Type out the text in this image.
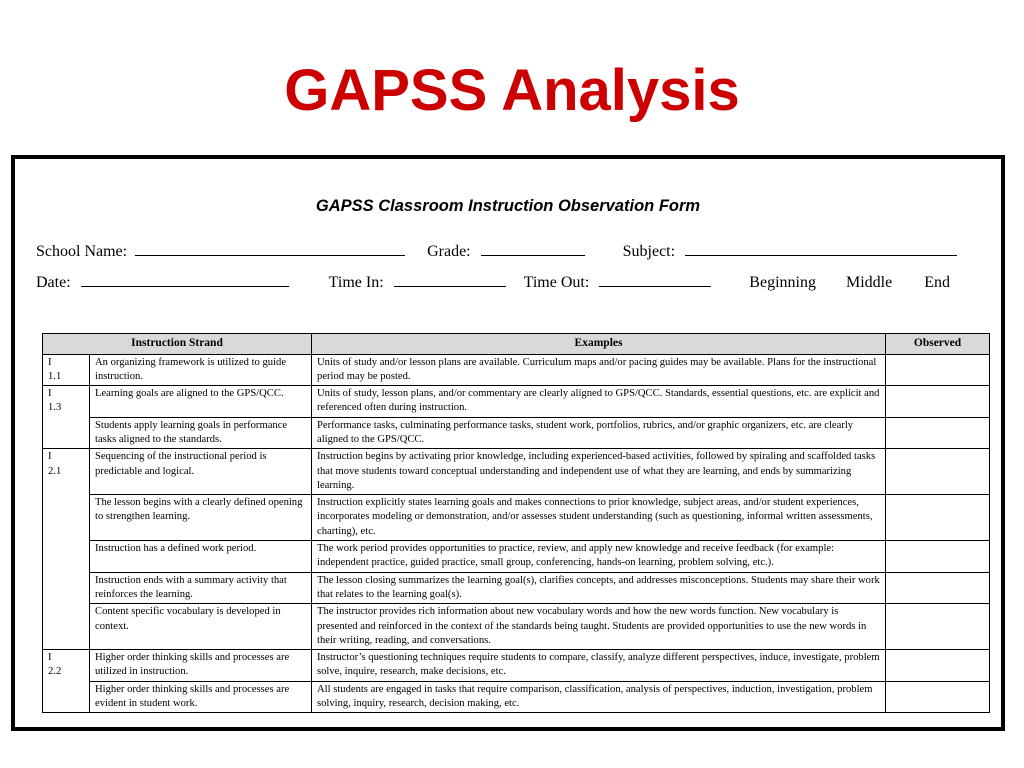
GAPSS Analysis
GAPSS Classroom Instruction Observation Form
School Name:	Grade:	Subject:
Date:	Time In:	Time Out:	Beginning Middle End
Instruction Strand		Examples	Observed
I
1.1	An organizing framework is utilized to guide instruction.	Units of study and/or lesson plans are available. Curriculum maps and/or pacing guides may be available. Plans for the instructional period may be posted.	
I
1.3	Learning goals are aligned to the GPS/QCC.	Units of study, lesson plans, and/or commentary are clearly aligned to GPS/QCC. Standards, essential questions, etc. are explicit and referenced often during instruction.	
	Students apply learning goals in performance tasks aligned to the standards.	Performance tasks, culminating performance tasks, student work, portfolios, rubrics, and/or graphic organizers, etc. are clearly aligned to the GPS/QCC.	
I
2.1	Sequencing of the instructional period is predictable and logical.	Instruction begins by activating prior knowledge, including experienced-based activities, followed by spiraling and scaffolded tasks that move students toward conceptual understanding and independent use of what they are learning, and ends by summarizing learning.	
	The lesson begins with a clearly defined opening to strengthen learning.	Instruction explicitly states learning goals and makes connections to prior knowledge, subject areas, and/or student experiences, incorporates modeling or demonstration, and/or assesses student understanding (such as questioning, informal written assessments, charting), etc.	
	Instruction has a defined work period.	The work period provides opportunities to practice, review, and apply new knowledge and receive feedback (for example: independent practice, guided practice, small group, conferencing, hands-on learning, problem solving, etc.).	
	Instruction ends with a summary activity that reinforces the learning.	The lesson closing summarizes the learning goal(s), clarifies concepts, and addresses misconceptions. Students may share their work that relates to the learning goal(s).	
	Content specific vocabulary is developed in context.	The instructor provides rich information about new vocabulary words and how the new words function. New vocabulary is presented and reinforced in the context of the standards being taught. Students are provided opportunities to use the new words in their writing, reading, and conversations.	
I
2.2	Higher order thinking skills and processes are utilized in instruction.	Instructor’s questioning techniques require students to compare, classify, analyze different perspectives, induce, investigate, problem solve, inquire, research, make decisions, etc.	
	Higher order thinking skills and processes are evident in student work.	All students are engaged in tasks that require comparison, classification, analysis of perspectives, induction, investigation, problem solving, inquiry, research, decision making, etc.	
